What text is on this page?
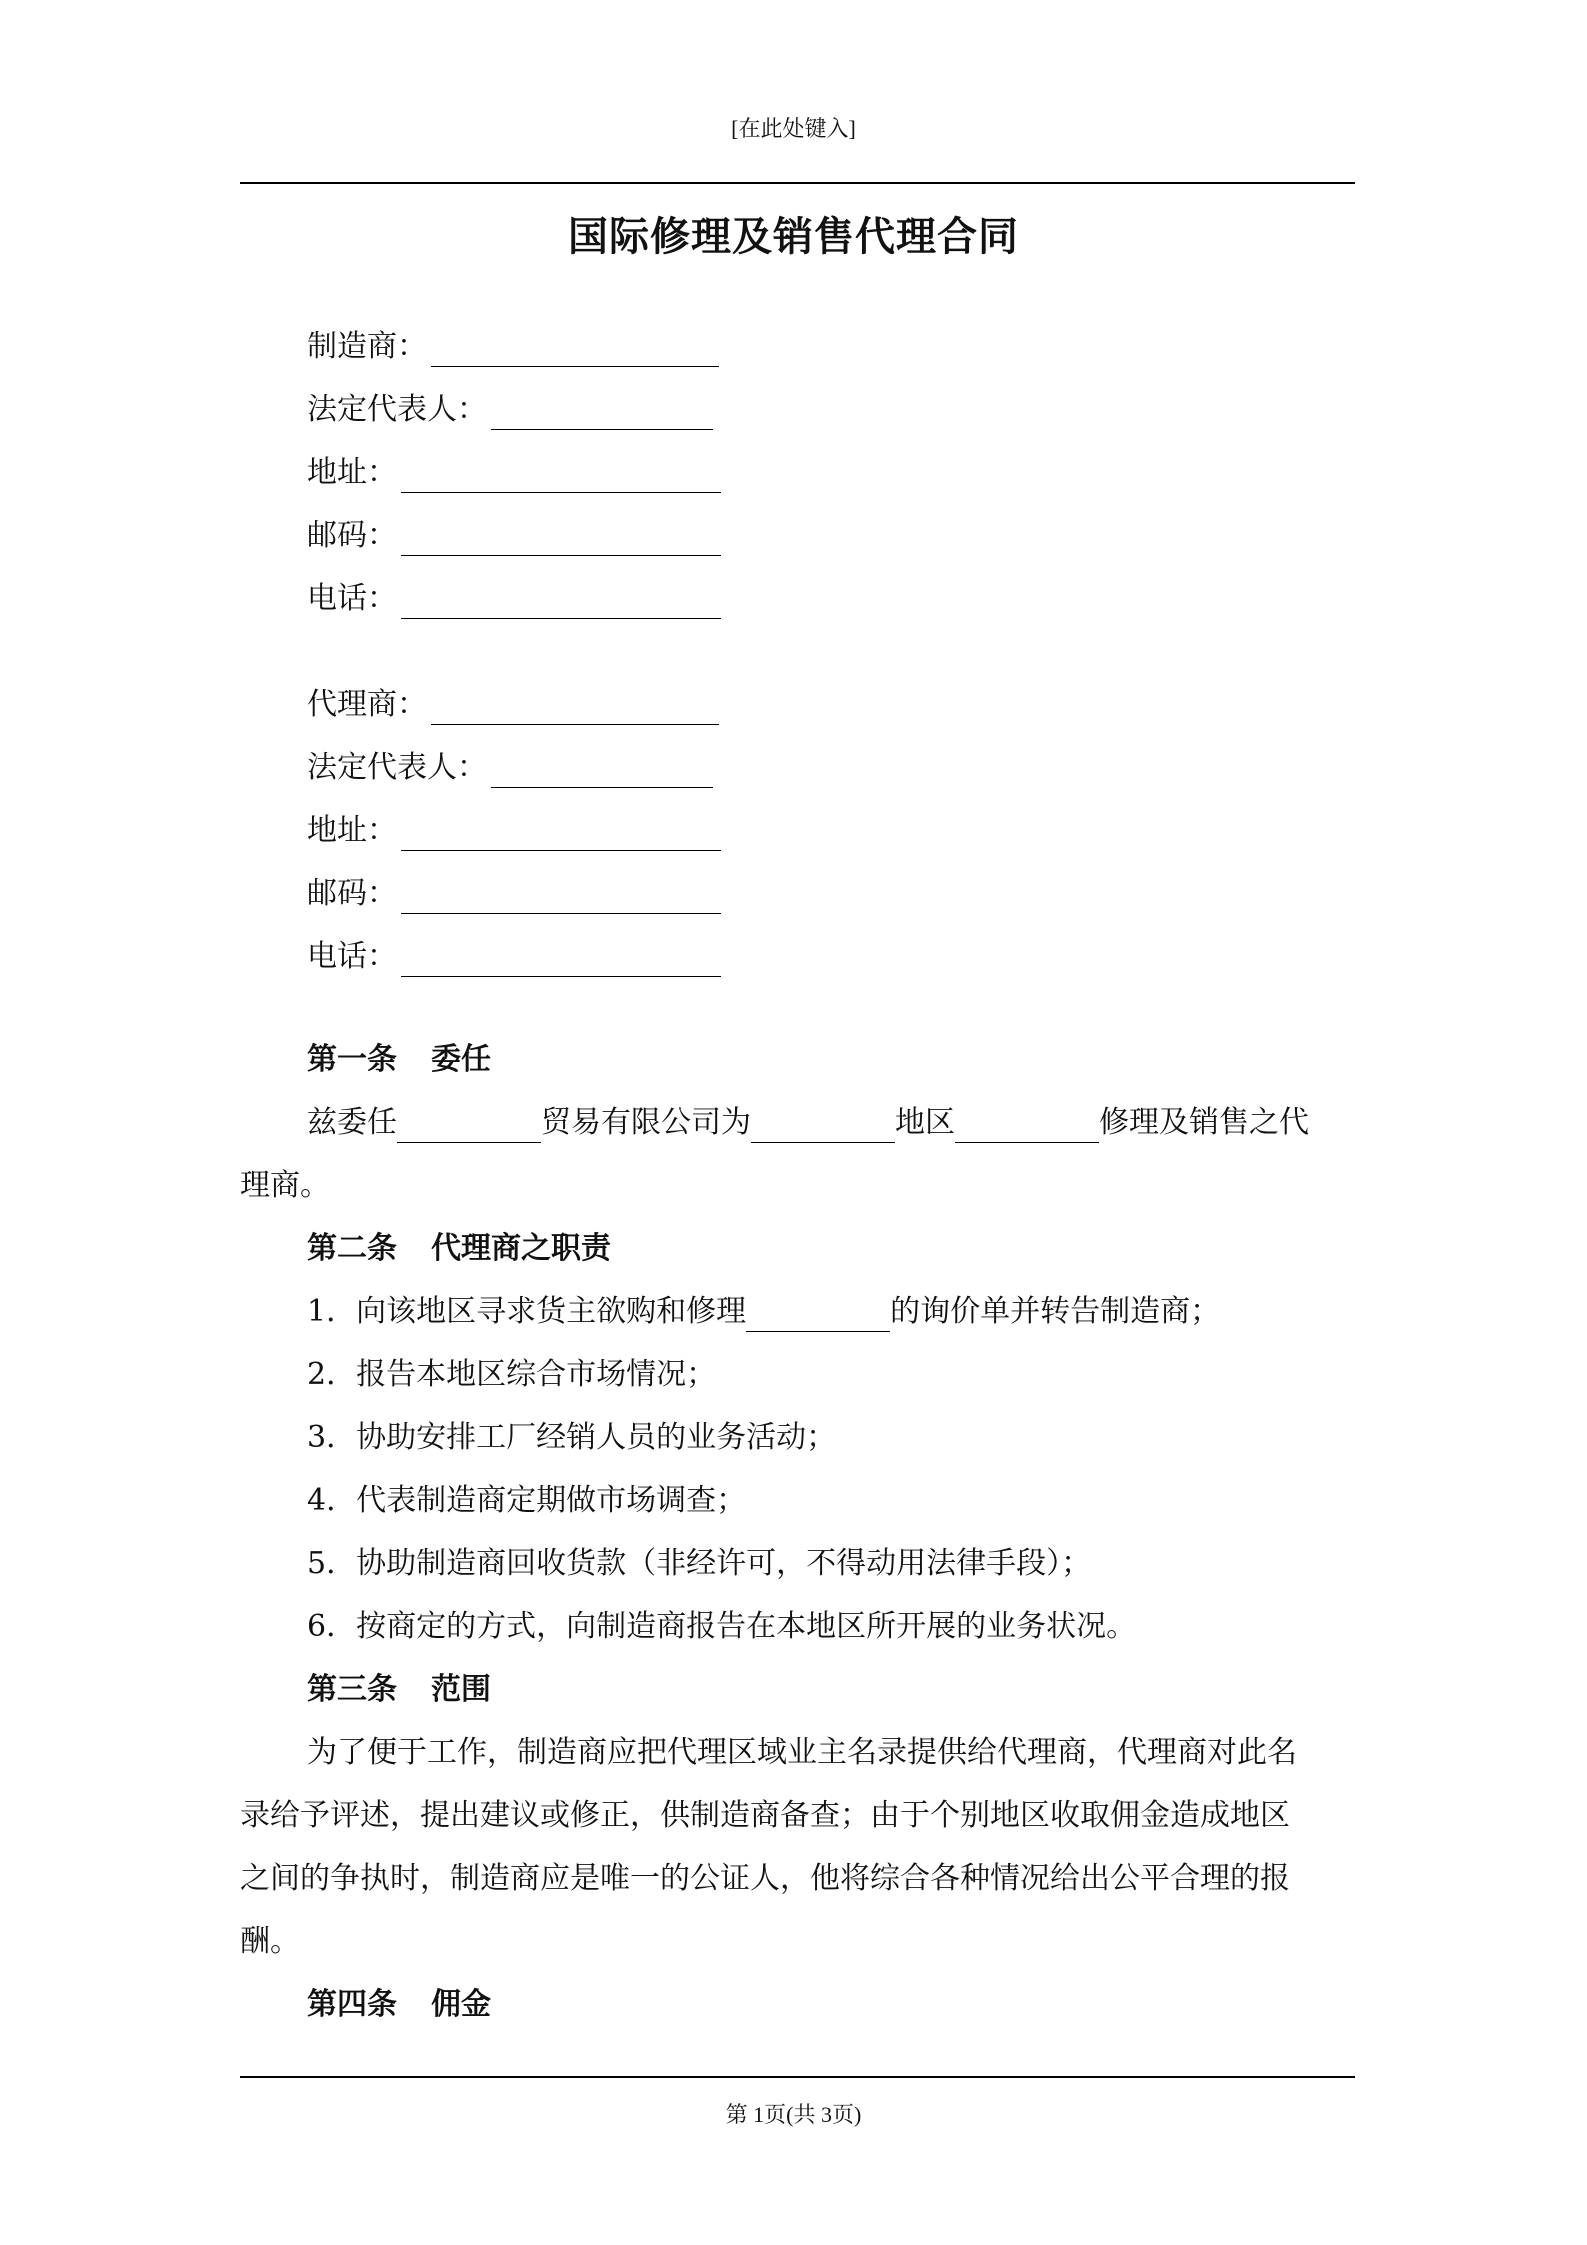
[在此处键入]
国际修理及销售代理合同
制造商：
法定代表人：
地址：
邮码：
电话：
代理商：
法定代表人：
地址：
邮码：
电话：
第一条 委任
兹委任	贸易有限公司为	地区	修理及销售之代
理商。
第二条 代理商之职责
1．向该地区寻求货主欲购和修理	的询价单并转告制造商；
2．报告本地区综合市场情况；
3．协助安排工厂经销人员的业务活动；
4．代表制造商定期做市场调查；
5．协助制造商回收货款（非经许可，不得动用法律手段）；
6．按商定的方式，向制造商报告在本地区所开展的业务状况。
第三条 范围
为了便于工作，制造商应把代理区域业主名录提供给代理商，代理商对此名
录给予评述，提出建议或修正，供制造商备查；由于个别地区收取佣金造成地区
之间的争执时，制造商应是唯一的公证人，他将综合各种情况给出公平合理的报
酬。
第四条 佣金
第 1页(共 3页)
